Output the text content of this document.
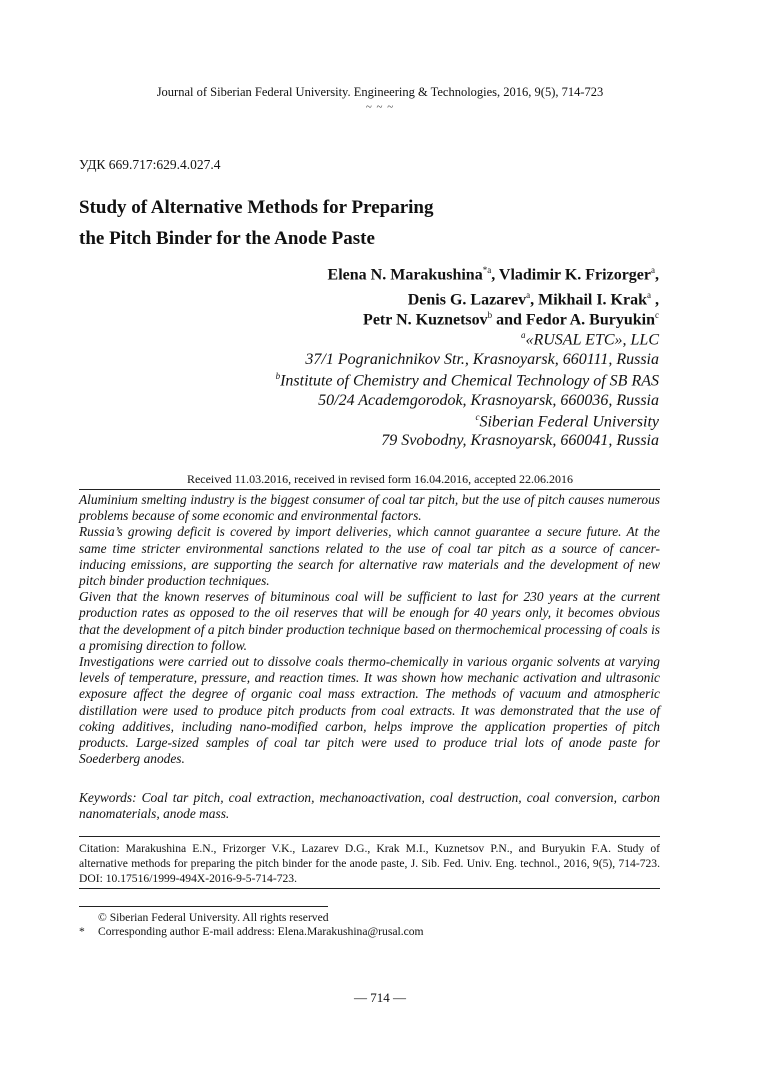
Journal of Siberian Federal University. Engineering & Technologies, 2016, 9(5), 714-723
~ ~ ~
УДК 669.717:629.4.027.4
Study of Alternative Methods for Preparing
the Pitch Binder for the Anode Paste
Elena N. Marakushina$^{*a}$, Vladimir K. Frizorger$^a$,
Denis G. Lazarev$^a$, Mikhail I. Krak$^a$ ,
Petr N. Kuznetsov$^b$ and Fedor A. Buryukin$^c$
$^a$«RUSAL ETC», LLC
37/1 Pogranichnikov Str., Krasnoyarsk, 660111, Russia
$^b$Institute of Chemistry and Chemical Technology of SB RAS
50/24 Academgorodok, Krasnoyarsk, 660036, Russia
$^c$Siberian Federal University
79 Svobodny, Krasnoyarsk, 660041, Russia
Received 11.03.2016, received in revised form 16.04.2016, accepted 22.06.2016

Aluminium smelting industry is the biggest consumer of coal tar pitch, but the use of pitch causes numerous problems because of some economic and environmental factors.

Russia’s growing deficit is covered by import deliveries, which cannot guarantee a secure future. At the same time stricter environmental sanctions related to the use of coal tar pitch as a source of cancer-inducing emissions, are supporting the search for alternative raw materials and the development of new pitch binder production techniques.

Given that the known reserves of bituminous coal will be sufficient to last for 230 years at the current production rates as opposed to the oil reserves that will be enough for 40 years only, it becomes obvious that the development of a pitch binder production technique based on thermochemical processing of coals is a promising direction to follow.

Investigations were carried out to dissolve coals thermo-chemically in various organic solvents at varying levels of temperature, pressure, and reaction times. It was shown how mechanic activation and ultrasonic exposure affect the degree of organic coal mass extraction. The methods of vacuum and atmospheric distillation were used to produce pitch products from coal extracts. It was demonstrated that the use of coking additives, including nano-modified carbon, helps improve the application properties of pitch products. Large-sized samples of coal tar pitch were used to produce trial lots of anode paste for Soederberg anodes.

Keywords: Coal tar pitch, coal extraction, mechanoactivation, coal destruction, coal conversion, carbon nanomaterials, anode mass.
Citation: Marakushina E.N., Frizorger V.K., Lazarev D.G., Krak M.I., Kuznetsov P.N., and Buryukin F.A. Study of alternative methods for preparing the pitch binder for the anode paste, J. Sib. Fed. Univ. Eng. technol., 2016, 9(5), 714-723. DOI: 10.17516/1999-494X-2016-9-5-714-723.
© Siberian Federal University. All rights reserved
* Corresponding author E-mail address: Elena.Marakushina@rusal.com
— 714 —
